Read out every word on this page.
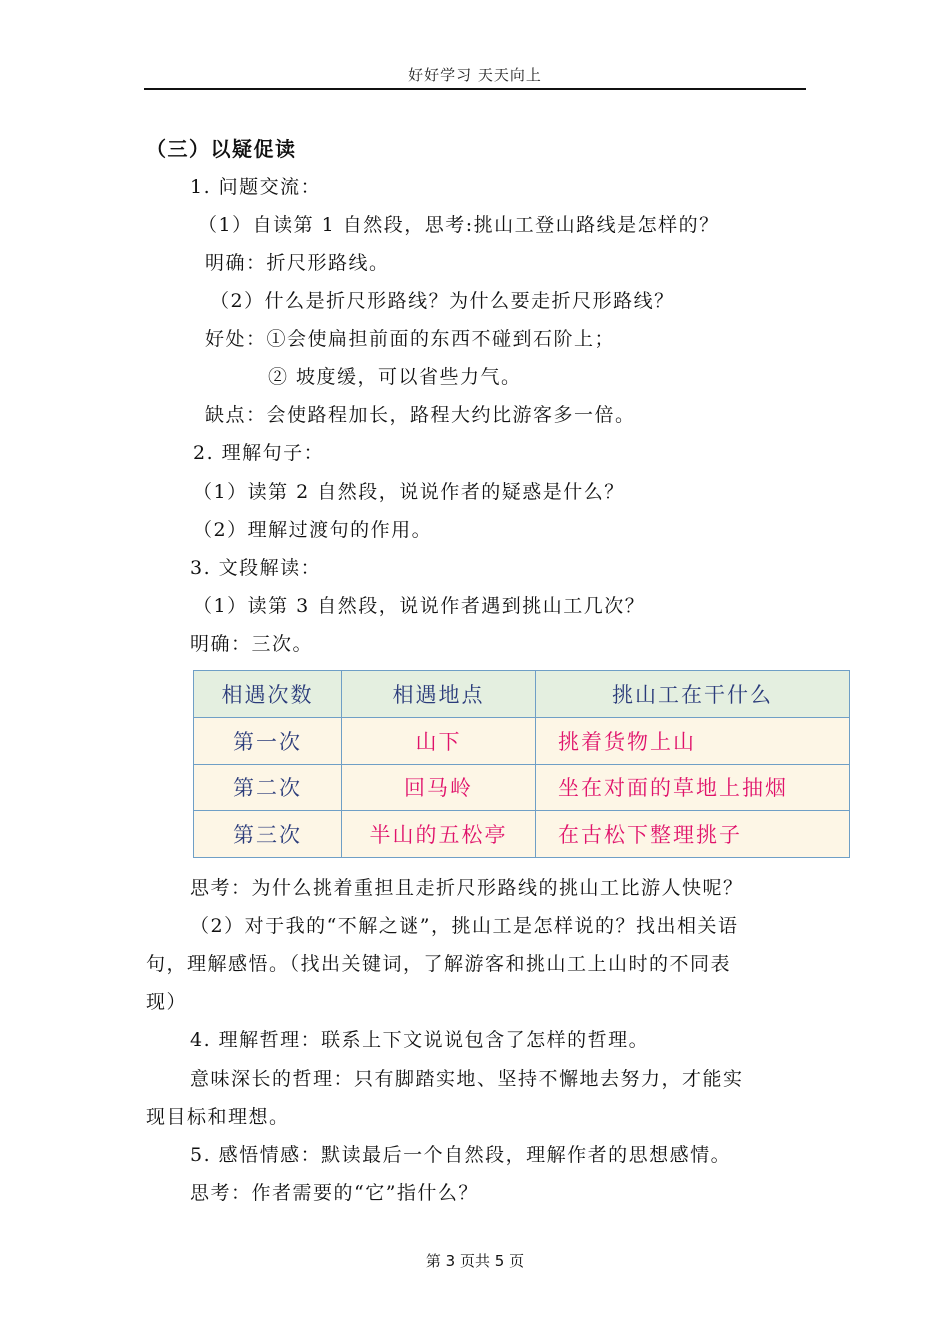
好好学习 天天向上
（三）以疑促读
1. 问题交流：
（1）自读第 1 自然段，思考:挑山工登山路线是怎样的？
明确：折尺形路线。
（2）什么是折尺形路线？为什么要走折尺形路线？
好处：①会使扁担前面的东西不碰到石阶上；
② 坡度缓，可以省些力气。
缺点：会使路程加长，路程大约比游客多一倍。
2. 理解句子：
（1）读第 2 自然段，说说作者的疑惑是什么？
（2）理解过渡句的作用。
3. 文段解读：
（1）读第 3 自然段，说说作者遇到挑山工几次？
明确：三次。
相遇次数	相遇地点	挑山工在干什么
第一次	山下	挑着货物上山
第二次	回马岭	坐在对面的草地上抽烟
第三次	半山的五松亭	在古松下整理挑子
思考：为什么挑着重担且走折尺形路线的挑山工比游人快呢？
（2）对于我的“不解之谜”，挑山工是怎样说的？找出相关语
句，理解感悟。（找出关键词，了解游客和挑山工上山时的不同表
现）
4. 理解哲理：联系上下文说说包含了怎样的哲理。
意味深长的哲理：只有脚踏实地、坚持不懈地去努力，才能实
现目标和理想。
5. 感悟情感：默读最后一个自然段，理解作者的思想感情。
思考：作者需要的“它”指什么？
第 3 页共 5 页
